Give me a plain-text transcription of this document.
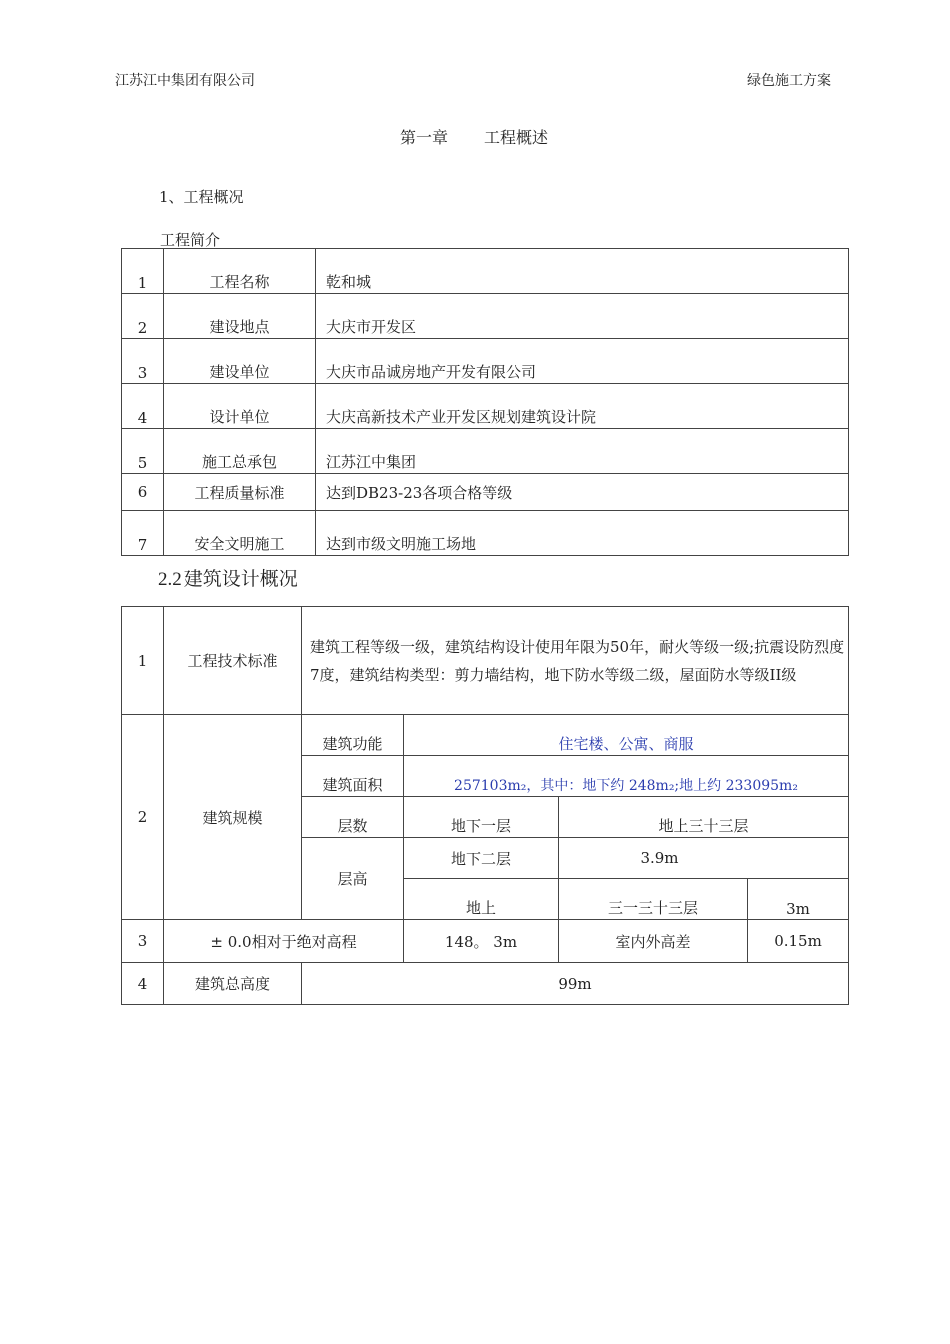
江苏江中集团有限公司	绿色施工方案
第一章 工程概述
1、工程概况
工程简介
1	工程名称	乾和城
2	建设地点	大庆市开发区
3	建设单位	大庆市品诚房地产开发有限公司
4	设计单位	大庆高新技术产业开发区规划建筑设计院
5	施工总承包	江苏江中集团
6	工程质量标准	达到DB23-23各项合格等级
7	安全文明施工	达到市级文明施工场地
2.2 建筑设计概况
1	工程技术标准	建筑工程等级一级，建筑结构设计使用年限为50年，耐火等级一级;抗震设防烈度7度，建筑结构类型：剪力墙结构，地下防水等级二级，屋面防水等级II级			
2	建筑规模	建筑功能	住宅楼、公寓、商服		
		建筑面积	257103m₂，其中：地下约 248m₂;地上约 233095m₂		
		层数	地下一层	地上三十三层	
		层高	地下二层	3.9m	
			地上	三一三十三层	3m
3	± 0.0相对于绝对高程		148。 3m	室内外高差	0.15m
4	建筑总高度	99m			
